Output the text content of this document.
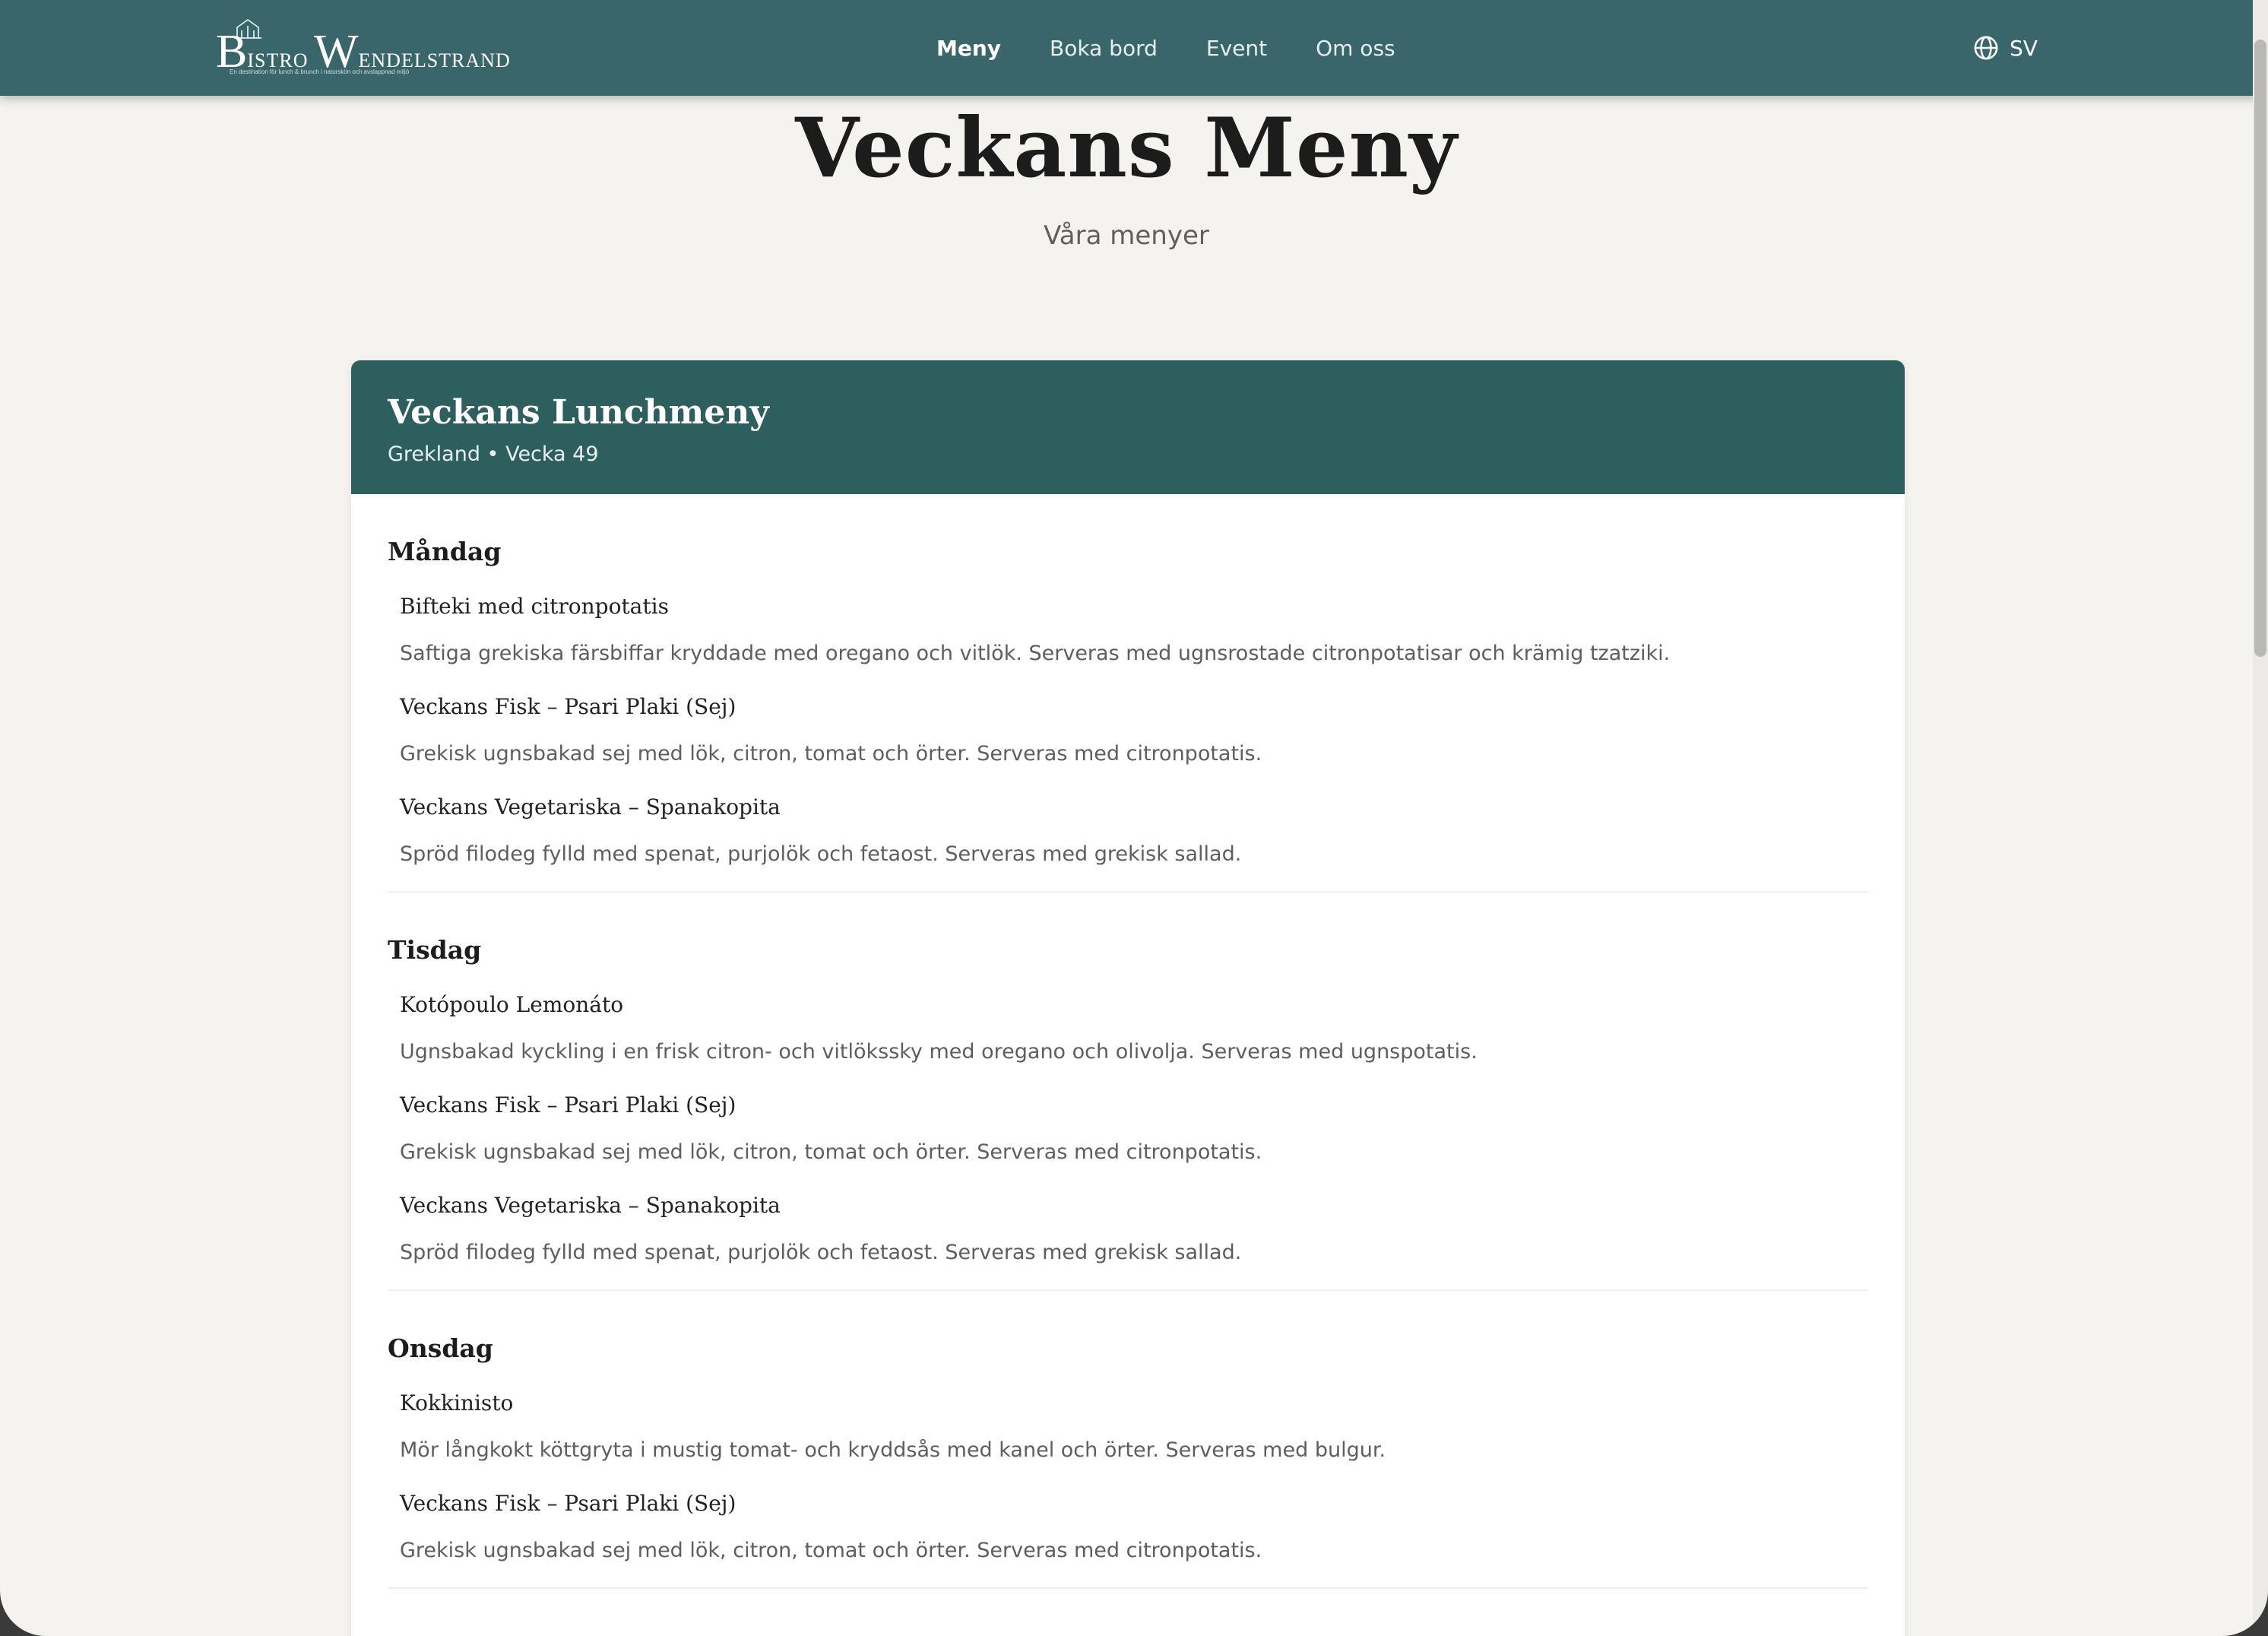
BISTRO WENDELSTRAND
En destination för lunch & brunch i naturskön och avslappnad miljö
Meny Boka bord Event Om oss	SV
Veckans Meny

Våra menyer

Veckans Lunchmeny

Grekland • Vecka 49

Måndag

Bifteki med citronpotatis

Saftiga grekiska färsbiffar kryddade med oregano och vitlök. Serveras med ugnsrostade citronpotatisar och krämig tzatziki.

Veckans Fisk – Psari Plaki (Sej)

Grekisk ugnsbakad sej med lök, citron, tomat och örter. Serveras med citronpotatis.

Veckans Vegetariska – Spanakopita

Spröd filodeg fylld med spenat, purjolök och fetaost. Serveras med grekisk sallad.

Tisdag

Kotópoulo Lemonáto

Ugnsbakad kyckling i en frisk citron- och vitlökssky med oregano och olivolja. Serveras med ugnspotatis.

Veckans Fisk – Psari Plaki (Sej)

Grekisk ugnsbakad sej med lök, citron, tomat och örter. Serveras med citronpotatis.

Veckans Vegetariska – Spanakopita

Spröd filodeg fylld med spenat, purjolök och fetaost. Serveras med grekisk sallad.

Onsdag

Kokkinisto

Mör långkokt köttgryta i mustig tomat- och kryddsås med kanel och örter. Serveras med bulgur.

Veckans Fisk – Psari Plaki (Sej)

Grekisk ugnsbakad sej med lök, citron, tomat och örter. Serveras med citronpotatis.
